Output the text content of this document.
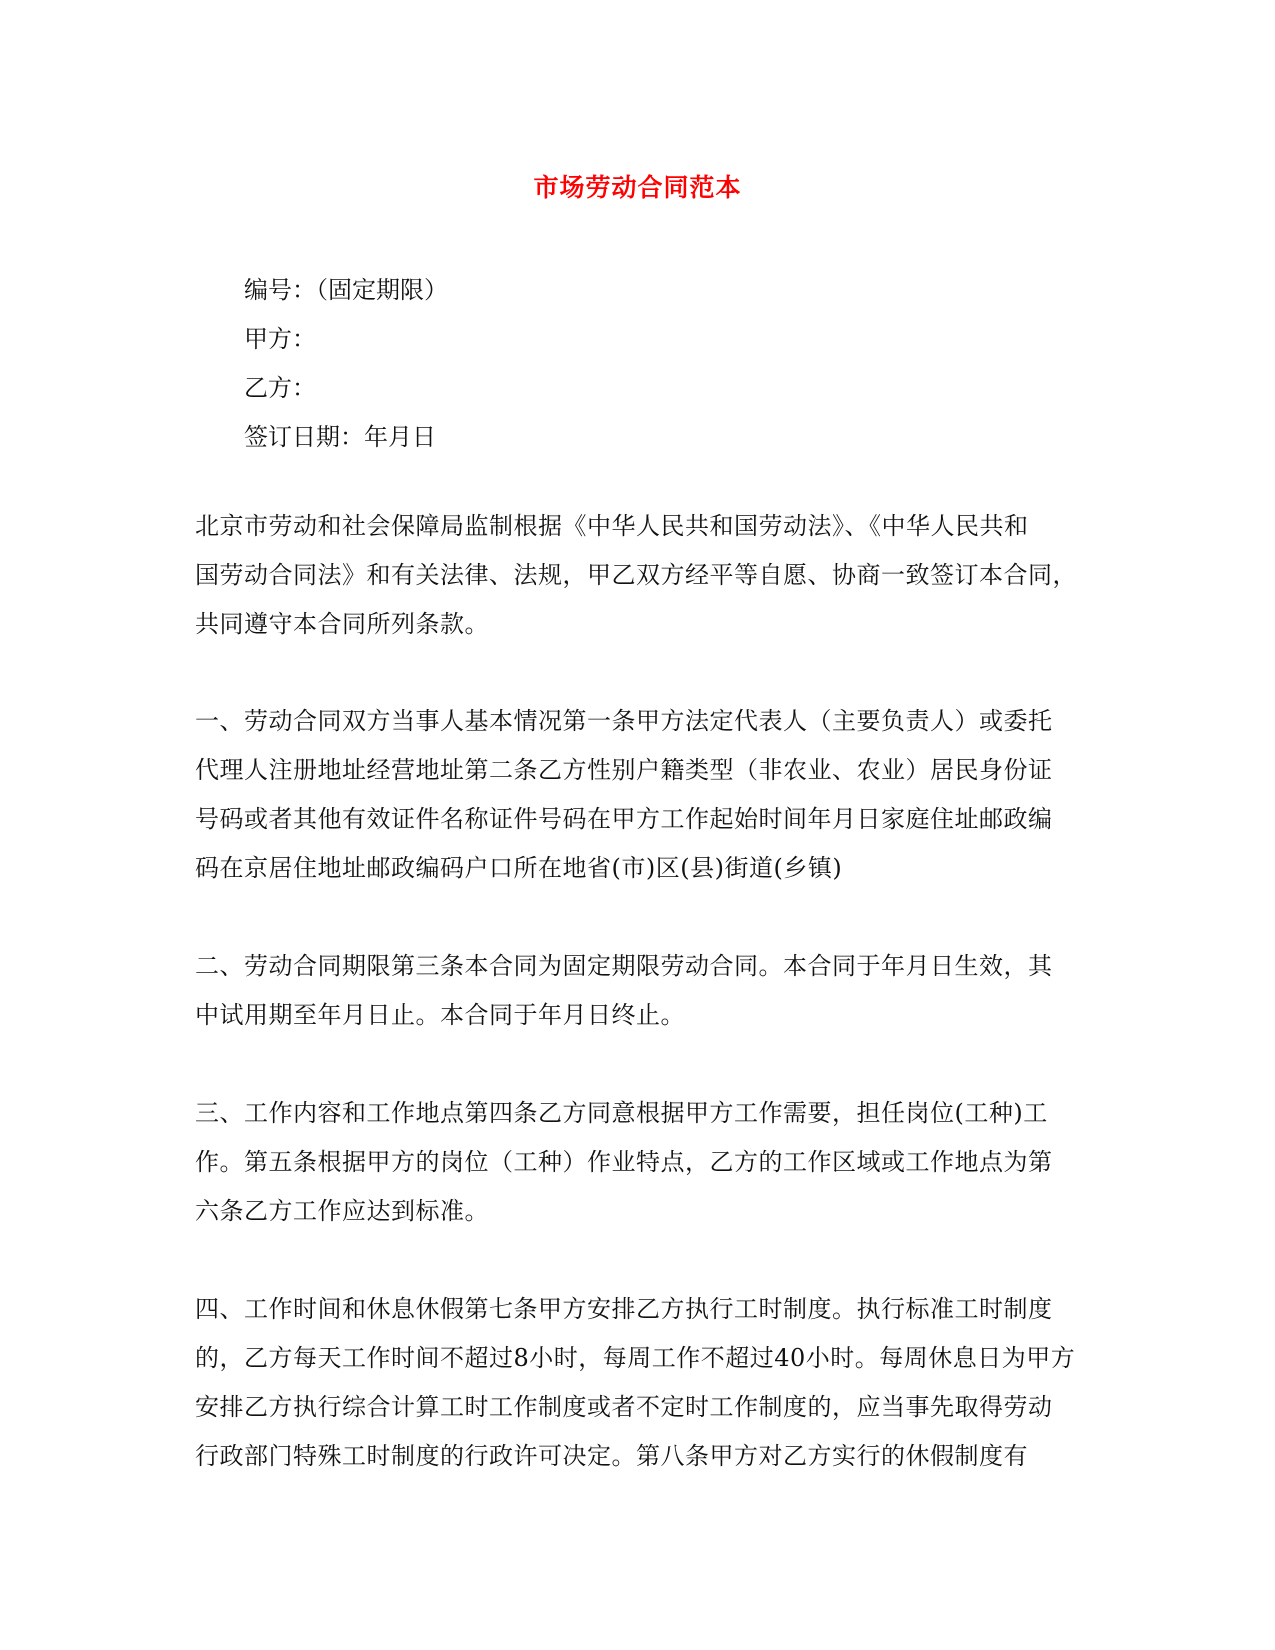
市场劳动合同范本
编号：（固定期限）
甲方：
乙方：
签订日期：年月日
北京市劳动和社会保障局监制根据《中华人民共和国劳动法》、《中华人民共和
国劳动合同法》和有关法律、法规，甲乙双方经平等自愿、协商一致签订本合同，
共同遵守本合同所列条款。
一、劳动合同双方当事人基本情况第一条甲方法定代表人（主要负责人）或委托
代理人注册地址经营地址第二条乙方性别户籍类型（非农业、农业）居民身份证
号码或者其他有效证件名称证件号码在甲方工作起始时间年月日家庭住址邮政编
码在京居住地址邮政编码户口所在地省(市)区(县)街道(乡镇)
二、劳动合同期限第三条本合同为固定期限劳动合同。本合同于年月日生效，其
中试用期至年月日止。本合同于年月日终止。
三、工作内容和工作地点第四条乙方同意根据甲方工作需要，担任岗位(工种)工
作。第五条根据甲方的岗位（工种）作业特点，乙方的工作区域或工作地点为第
六条乙方工作应达到标准。
四、工作时间和休息休假第七条甲方安排乙方执行工时制度。执行标准工时制度
的，乙方每天工作时间不超过8小时，每周工作不超过40小时。每周休息日为甲方
安排乙方执行综合计算工时工作制度或者不定时工作制度的，应当事先取得劳动
行政部门特殊工时制度的行政许可决定。第八条甲方对乙方实行的休假制度有
